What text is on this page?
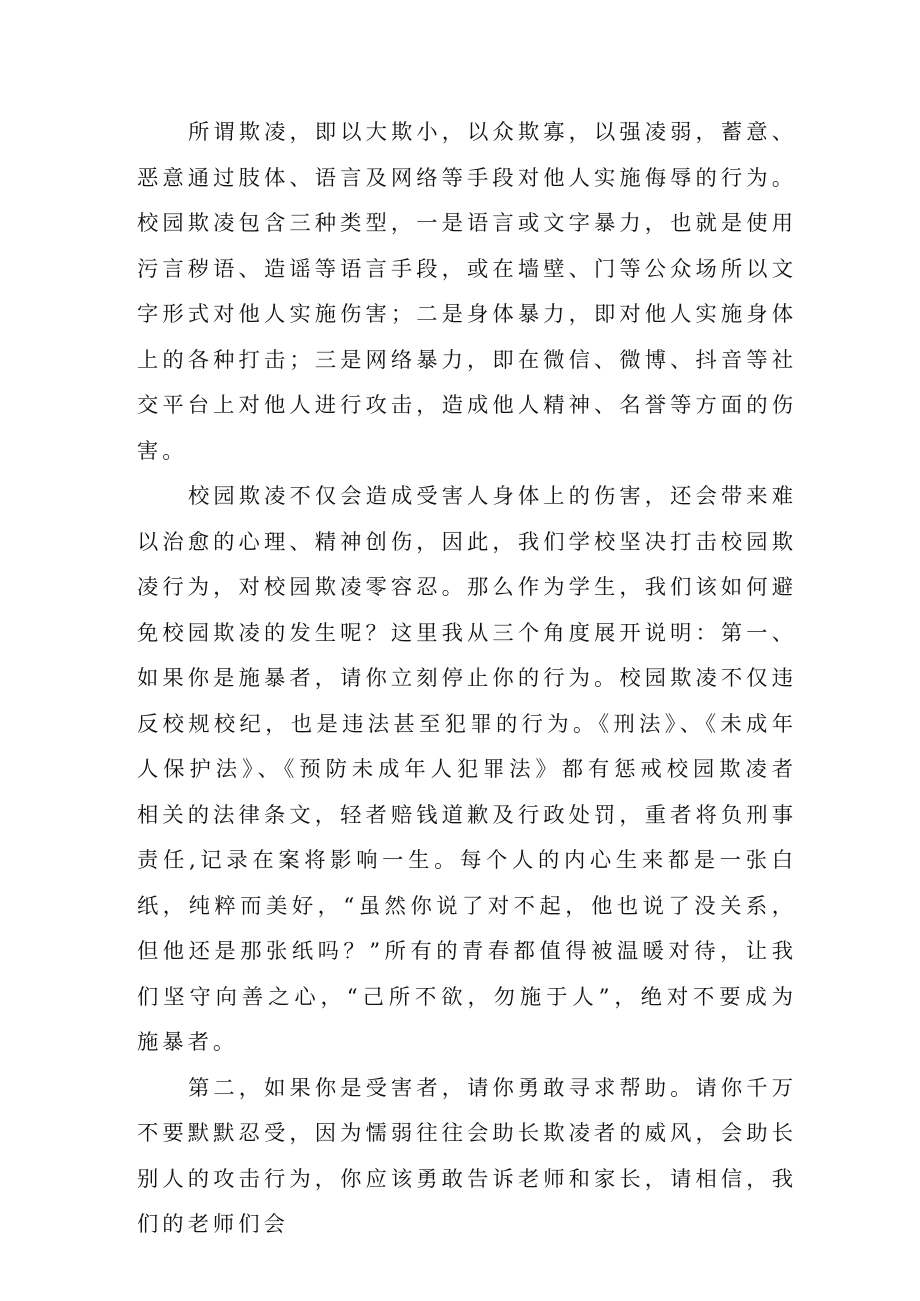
所谓欺凌，即以大欺小，以众欺寡，以强凌弱，蓄意、恶意通过肢体、语言及网络等手段对他人实施侮辱的行为。校园欺凌包含三种类型，一是语言或文字暴力，也就是使用污言秽语、造谣等语言手段，或在墙壁、门等公众场所以文字形式对他人实施伤害；二是身体暴力，即对他人实施身体上的各种打击；三是网络暴力，即在微信、微博、抖音等社交平台上对他人进行攻击，造成他人精神、名誉等方面的伤害。

校园欺凌不仅会造成受害人身体上的伤害，还会带来难以治愈的心理、精神创伤，因此，我们学校坚决打击校园欺凌行为，对校园欺凌零容忍。那么作为学生，我们该如何避免校园欺凌的发生呢？这里我从三个角度展开说明：第一、如果你是施暴者，请你立刻停止你的行为。校园欺凌不仅违反校规校纪，也是违法甚至犯罪的行为。《刑法》、《未成年人保护法》、《预防未成年人犯罪法》都有惩戒校园欺凌者相关的法律条文，轻者赔钱道歉及行政处罚，重者将负刑事责任,记录在案将影响一生。每个人的内心生来都是一张白纸，纯粹而美好，“虽然你说了对不起，他也说了没关系，但他还是那张纸吗？”所有的青春都值得被温暖对待，让我们坚守向善之心，“己所不欲，勿施于人”，绝对不要成为施暴者。

第二，如果你是受害者，请你勇敢寻求帮助。请你千万不要默默忍受，因为懦弱往往会助长欺凌者的威风，会助长别人的攻击行为，你应该勇敢告诉老师和家长，请相信，我们的老师们会
